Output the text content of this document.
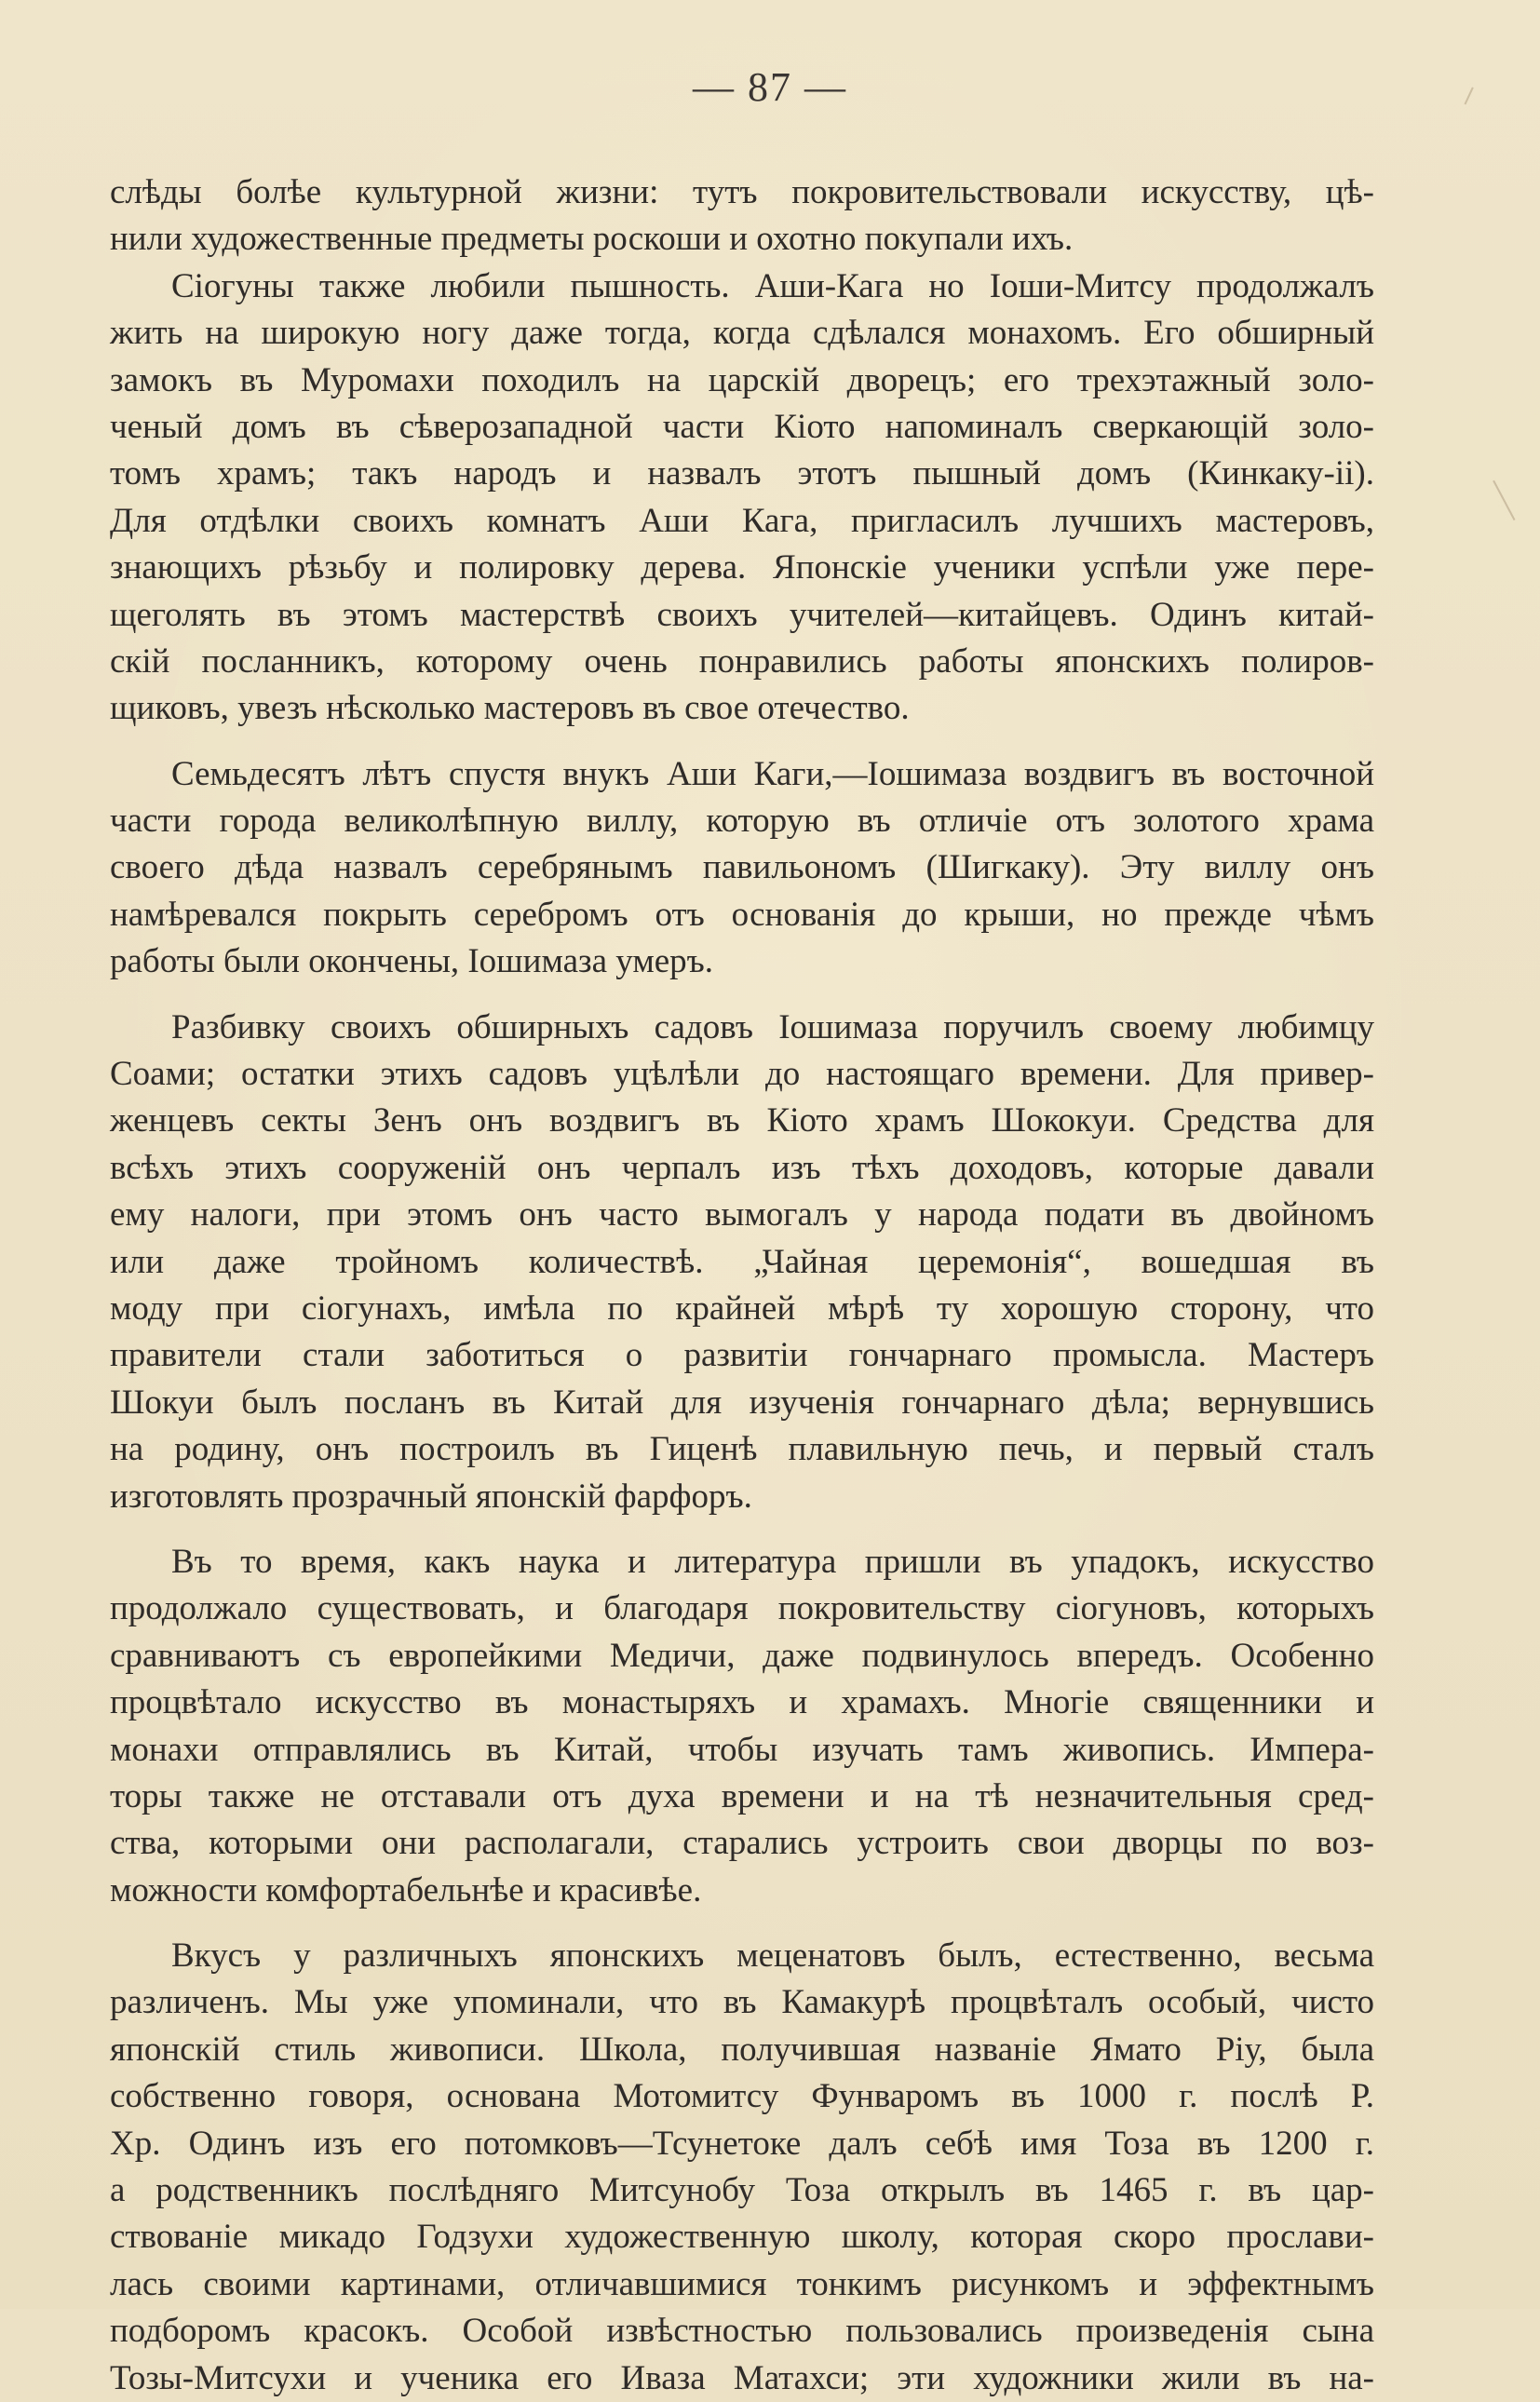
— 87 —
слѣды болѣе культурной жизни: тутъ покровительствовали искусству, цѣ-
нили художественные предметы роскоши и охотно покупали ихъ.
Сіогуны также любили пышность. Аши-Кага но Іоши-Митсу продолжалъ
жить на широкую ногу даже тогда, когда сдѣлался монахомъ. Его обширный
замокъ въ Муромахи походилъ на царскій дворецъ; его трехэтажный золо-
ченый домъ въ сѣверозападной части Кіото напоминалъ сверкающій золо-
томъ храмъ; такъ народъ и назвалъ этотъ пышный домъ (Кинкаку-іі).
Для отдѣлки своихъ комнатъ Аши Кага, пригласилъ лучшихъ мастеровъ,
знающихъ рѣзьбу и полировку дерева. Японскіе ученики успѣли уже пере-
щеголять въ этомъ мастерствѣ своихъ учителей—китайцевъ. Одинъ китай-
скій посланникъ, которому очень понравились работы японскихъ полиров-
щиковъ, увезъ нѣсколько мастеровъ въ свое отечество.
Семьдесятъ лѣтъ спустя внукъ Аши Каги,—Іошимаза воздвигъ въ восточной
части города великолѣпную виллу, которую въ отличіе отъ золотого храма
своего дѣда назвалъ серебрянымъ павильономъ (Шигкаку). Эту виллу онъ
намѣревался покрыть серебромъ отъ основанія до крыши, но прежде чѣмъ
работы были окончены, Іошимаза умеръ.
Разбивку своихъ обширныхъ садовъ Іошимаза поручилъ своему любимцу
Соами; остатки этихъ садовъ уцѣлѣли до настоящаго времени. Для привер-
женцевъ секты Зенъ онъ воздвигъ въ Кіото храмъ Шококуи. Средства для
всѣхъ этихъ сооруженій онъ черпалъ изъ тѣхъ доходовъ, которые давали
ему налоги, при этомъ онъ часто вымогалъ у народа подати въ двойномъ
или даже тройномъ количествѣ. „Чайная церемонія“, вошедшая въ
моду при сіогунахъ, имѣла по крайней мѣрѣ ту хорошую сторону, что
правители стали заботиться о развитіи гончарнаго промысла. Мастеръ
Шокуи былъ посланъ въ Китай для изученія гончарнаго дѣла; вернувшись
на родину, онъ построилъ въ Гиценѣ плавильную печь, и первый сталъ
изготовлять прозрачный японскій фарфоръ.
Въ то время, какъ наука и литература пришли въ упадокъ, искусство
продолжало существовать, и благодаря покровительству сіогуновъ, которыхъ
сравниваютъ съ европейкими Медичи, даже подвинулось впередъ. Особенно
процвѣтало искусство въ монастыряхъ и храмахъ. Многіе священники и
монахи отправлялись въ Китай, чтобы изучать тамъ живопись. Импера-
торы также не отставали отъ духа времени и на тѣ незначительныя сред-
ства, которыми они располагали, старались устроить свои дворцы по воз-
можности комфортабельнѣе и красивѣе.
Вкусъ у различныхъ японскихъ меценатовъ былъ, естественно, весьма
различенъ. Мы уже упоминали, что въ Камакурѣ процвѣталъ особый, чисто
японскій стиль живописи. Школа, получившая названіе Ямато Ріу, была
собственно говоря, основана Мотомитсу Фунваромъ въ 1000 г. послѣ Р.
Хр. Одинъ изъ его потомковъ—Тсунетоке далъ себѣ имя Тоза въ 1200 г.
а родственникъ послѣдняго Митсунобу Тоза открылъ въ 1465 г. въ цар-
ствованіе микадо Годзухи художественную школу, которая скоро прослави-
лась своими картинами, отличавшимися тонкимъ рисункомъ и эффектнымъ
подборомъ красокъ. Особой извѣстностью пользовались произведенія сына
Тозы-Митсухи и ученика его Иваза Матахси; эти художники жили въ на-
